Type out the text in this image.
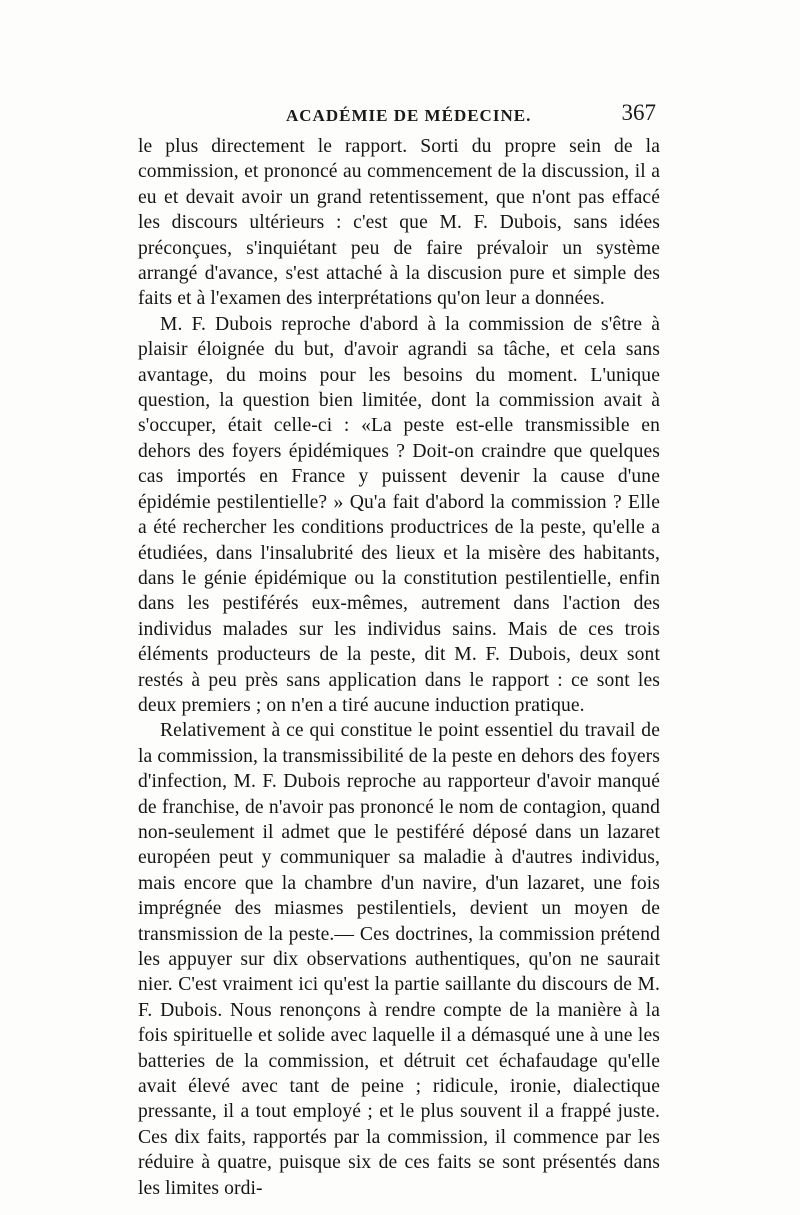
ACADÉMIE DE MÉDECINE.	367

le plus directement le rapport. Sorti du propre sein de la commission, et prononcé au commencement de la discussion, il a eu et devait avoir un grand retentissement, que n'ont pas effacé les discours ultérieurs : c'est que M. F. Dubois, sans idées préconçues, s'inquiétant peu de faire prévaloir un système arrangé d'avance, s'est attaché à la discusion pure et simple des faits et à l'examen des interprétations qu'on leur a données.

M. F. Dubois reproche d'abord à la commission de s'être à plaisir éloignée du but, d'avoir agrandi sa tâche, et cela sans avantage, du moins pour les besoins du moment. L'unique question, la question bien limitée, dont la commission avait à s'occuper, était celle-ci : «La peste est-elle transmissible en dehors des foyers épidémiques ? Doit-on craindre que quelques cas importés en France y puissent devenir la cause d'une épidémie pestilentielle? » Qu'a fait d'abord la commission ? Elle a été rechercher les conditions productrices de la peste, qu'elle a étudiées, dans l'insalubrité des lieux et la misère des habitants, dans le génie épidémique ou la constitution pestilentielle, enfin dans les pestiférés eux-mêmes, autrement dans l'action des individus malades sur les individus sains. Mais de ces trois éléments producteurs de la peste, dit M. F. Dubois, deux sont restés à peu près sans application dans le rapport : ce sont les deux premiers ; on n'en a tiré aucune induction pratique.

Relativement à ce qui constitue le point essentiel du travail de la commission, la transmissibilité de la peste en dehors des foyers d'infection, M. F. Dubois reproche au rapporteur d'avoir manqué de franchise, de n'avoir pas prononcé le nom de contagion, quand non-seulement il admet que le pestiféré déposé dans un lazaret européen peut y communiquer sa maladie à d'autres individus, mais encore que la chambre d'un navire, d'un lazaret, une fois imprégnée des miasmes pestilentiels, devient un moyen de transmission de la peste.— Ces doctrines, la commission prétend les appuyer sur dix observations authentiques, qu'on ne saurait nier. C'est vraiment ici qu'est la partie saillante du discours de M. F. Dubois. Nous renonçons à rendre compte de la manière à la fois spirituelle et solide avec laquelle il a démasqué une à une les batteries de la commission, et détruit cet échafaudage qu'elle avait élevé avec tant de peine ; ridicule, ironie, dialectique pressante, il a tout employé ; et le plus souvent il a frappé juste. Ces dix faits, rapportés par la commission, il commence par les réduire à quatre, puisque six de ces faits se sont présentés dans les limites ordi-
